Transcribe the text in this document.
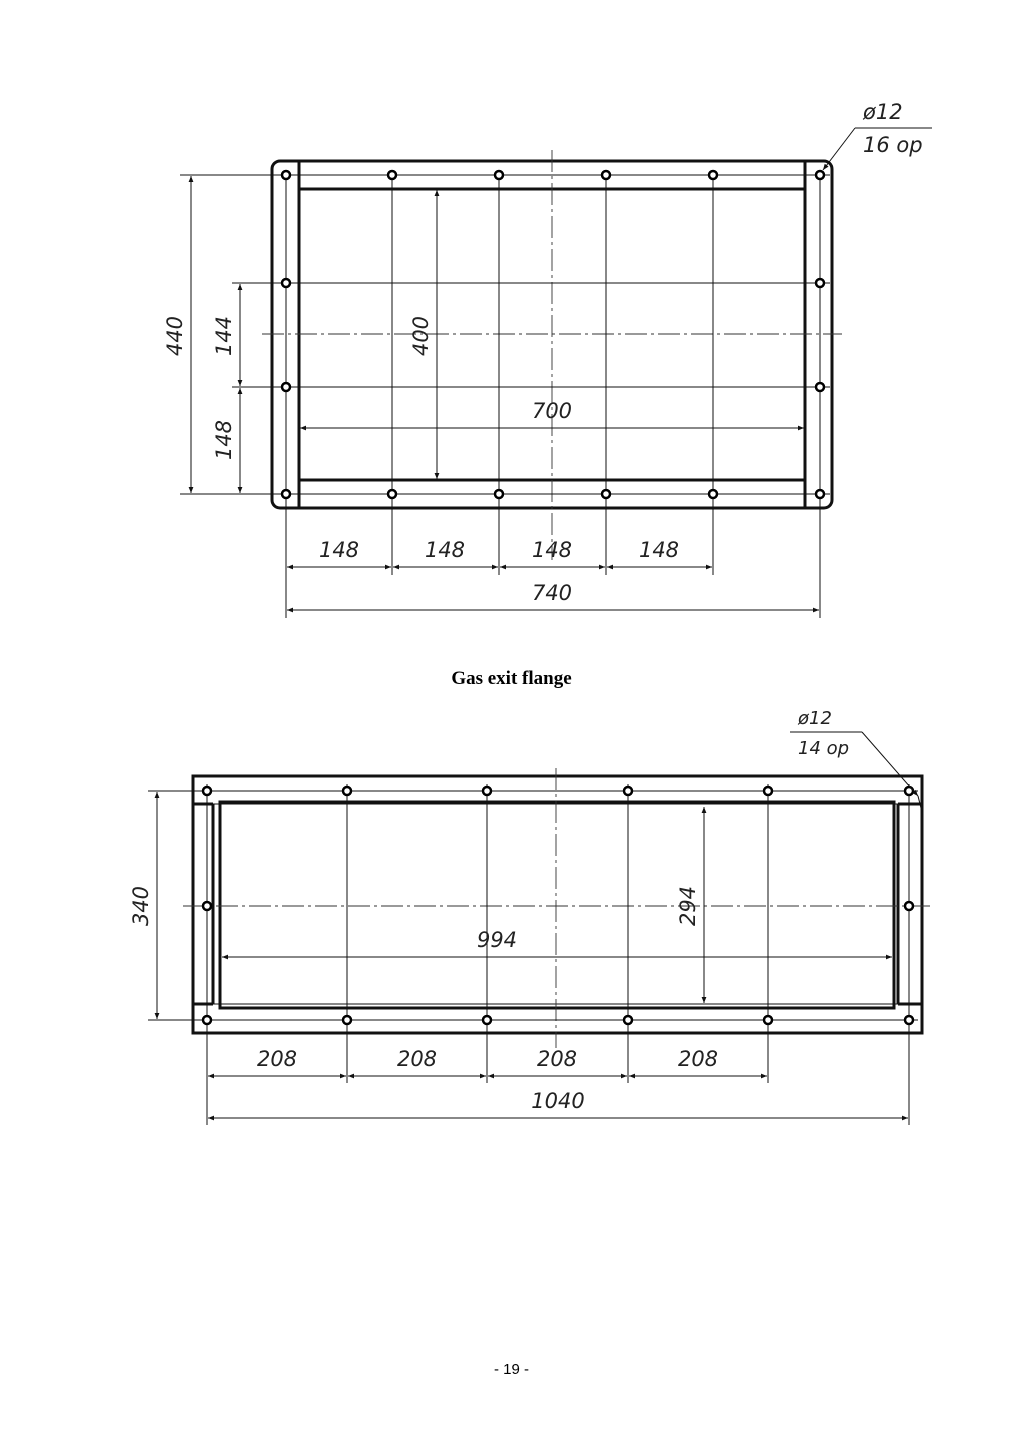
440 144
148
400
700
148	148	148	148
740
ø12
16 op
340	294
994
208	208	208	208
1040
ø12
14 op
Gas exit flange
- 19 -
